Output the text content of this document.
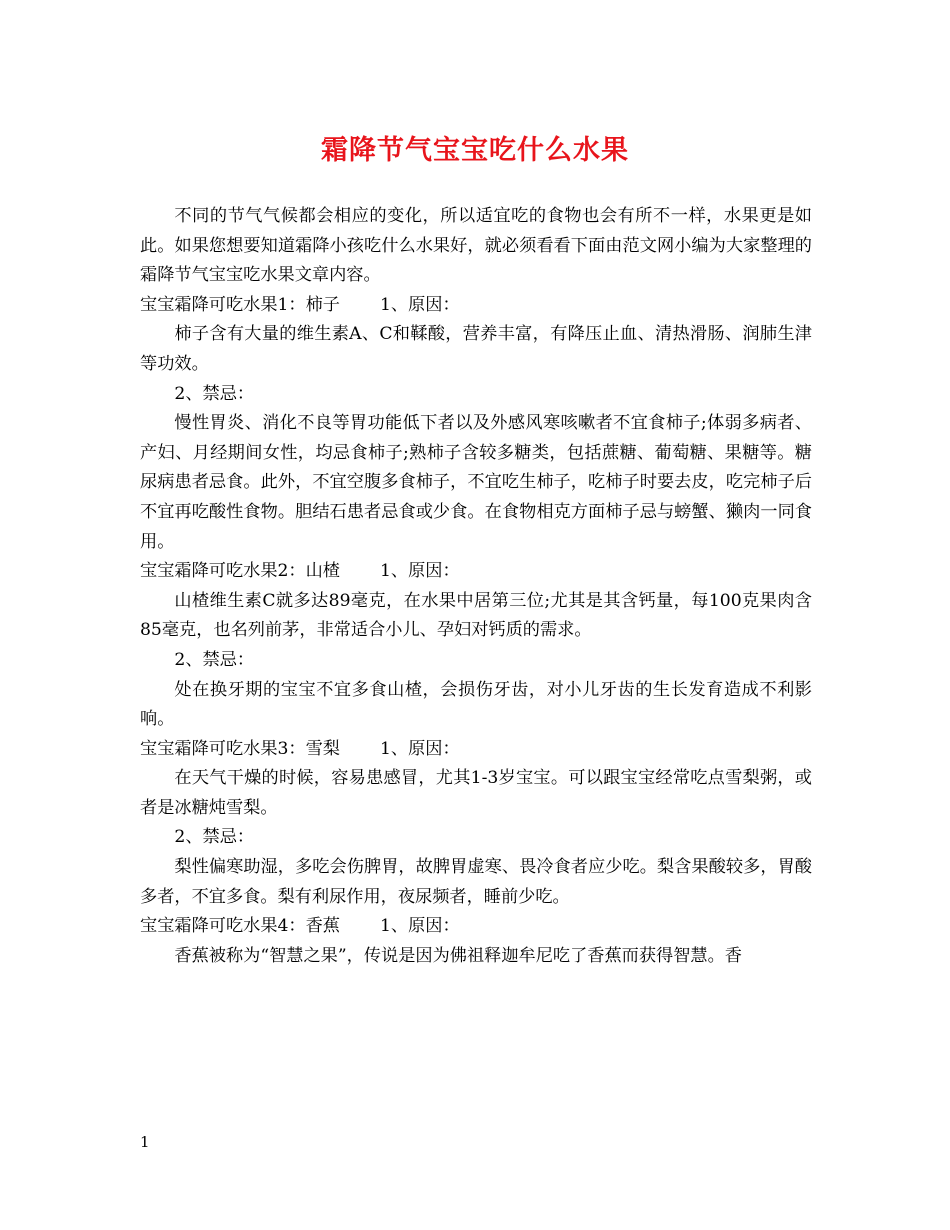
霜降节气宝宝吃什么水果

不同的节气气候都会相应的变化，所以适宜吃的食物也会有所不一样，水果更是如此。如果您想要知道霜降小孩吃什么水果好，就必须看看下面由范文网小编为大家整理的霜降节气宝宝吃水果文章内容。

宝宝霜降可吃水果1：柿子 1、原因：

柿子含有大量的维生素A、C和鞣酸，营养丰富，有降压止血、清热滑肠、润肺生津等功效。

2、禁忌：

慢性胃炎、消化不良等胃功能低下者以及外感风寒咳嗽者不宜食柿子;体弱多病者、产妇、月经期间女性，均忌食柿子;熟柿子含较多糖类，包括蔗糖、葡萄糖、果糖等。糖尿病患者忌食。此外，不宜空腹多食柿子，不宜吃生柿子，吃柿子时要去皮，吃完柿子后不宜再吃酸性食物。胆结石患者忌食或少食。在食物相克方面柿子忌与螃蟹、獭肉一同食用。

宝宝霜降可吃水果2：山楂 1、原因：

山楂维生素C就多达89毫克，在水果中居第三位;尤其是其含钙量，每100克果肉含85毫克，也名列前茅，非常适合小儿、孕妇对钙质的需求。

2、禁忌：

处在换牙期的宝宝不宜多食山楂，会损伤牙齿，对小儿牙齿的生长发育造成不利影响。

宝宝霜降可吃水果3：雪梨 1、原因：

在天气干燥的时候，容易患感冒，尤其1-3岁宝宝。可以跟宝宝经常吃点雪梨粥，或者是冰糖炖雪梨。

2、禁忌：

梨性偏寒助湿，多吃会伤脾胃，故脾胃虚寒、畏冷食者应少吃。梨含果酸较多，胃酸多者，不宜多食。梨有利尿作用，夜尿频者，睡前少吃。

宝宝霜降可吃水果4：香蕉 1、原因：

香蕉被称为“智慧之果”，传说是因为佛祖释迦牟尼吃了香蕉而获得智慧。香

1
